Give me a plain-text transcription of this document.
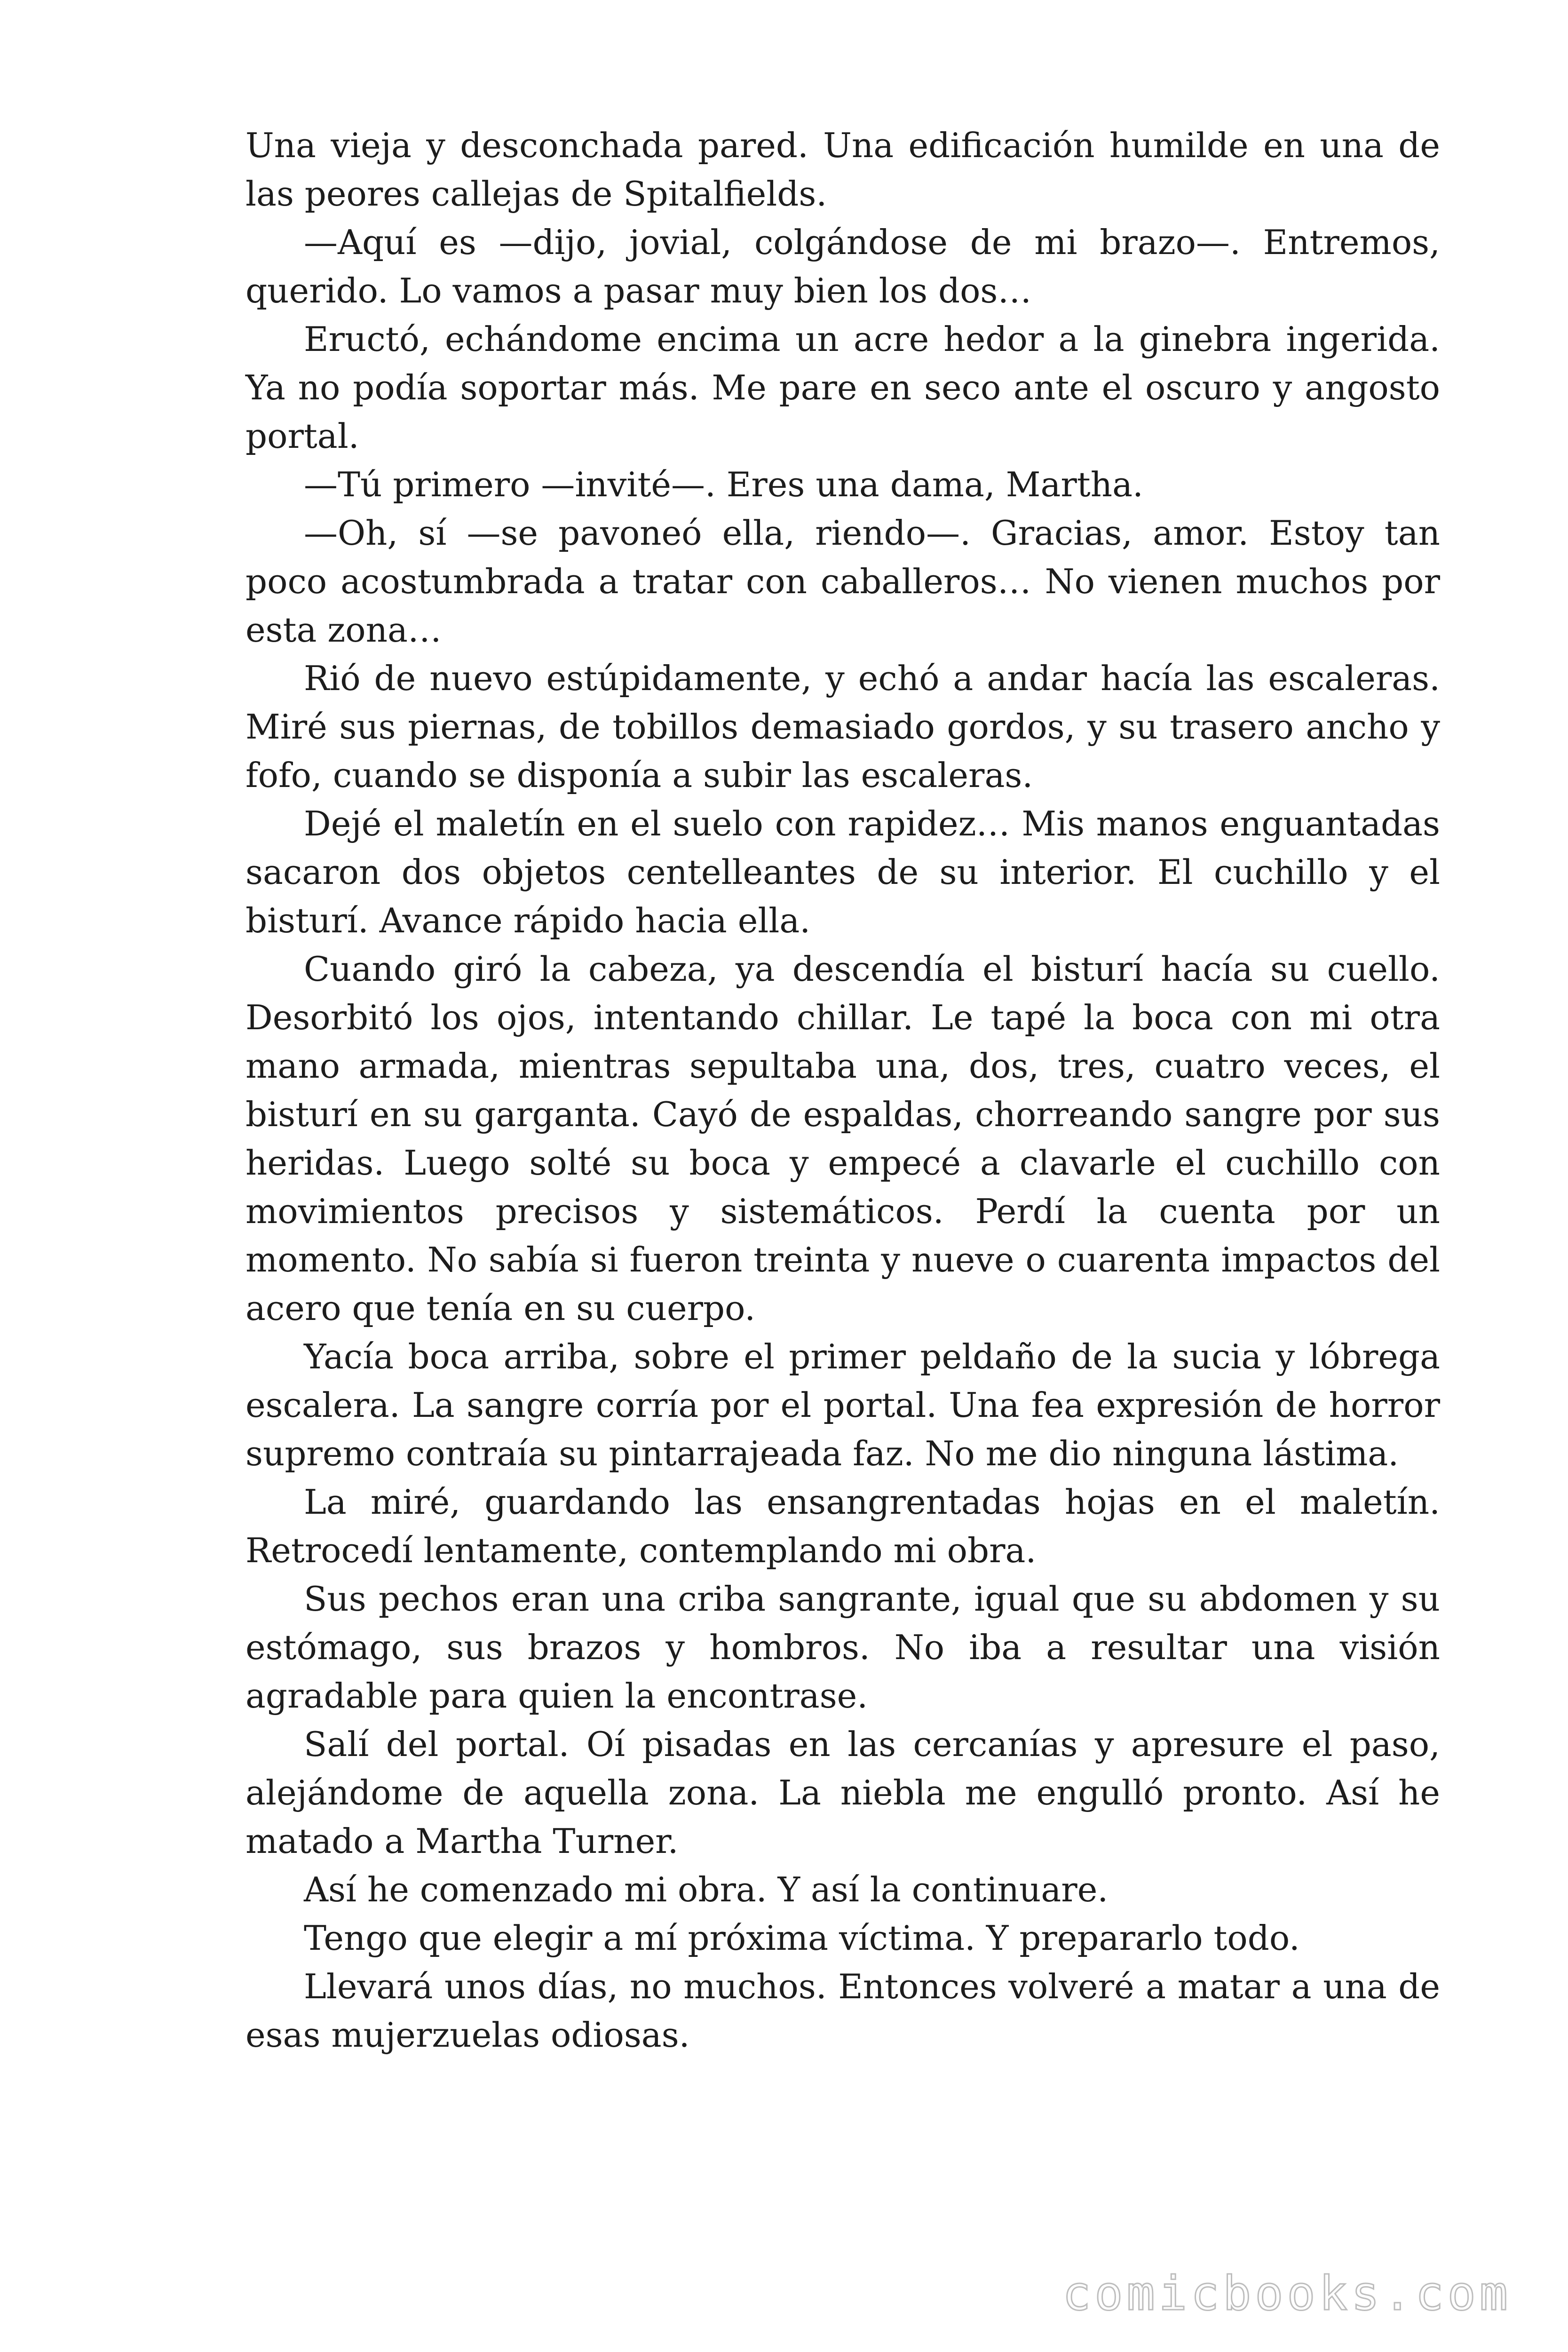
Una vieja y desconchada pared. Una edificación humilde en una de las peores callejas de Spitalfields.

—Aquí es —dijo, jovial, colgándose de mi brazo—. Entremos, querido. Lo vamos a pasar muy bien los dos…

Eructó, echándome encima un acre hedor a la ginebra ingerida. Ya no podía soportar más. Me pare en seco ante el oscuro y angosto portal.

—Tú primero —invité—. Eres una dama, Martha.

—Oh, sí —se pavoneó ella, riendo—. Gracias, amor. Estoy tan poco acostumbrada a tratar con caballeros… No vienen muchos por esta zona…

Rió de nuevo estúpidamente, y echó a andar hacía las escaleras. Miré sus piernas, de tobillos demasiado gordos, y su trasero ancho y fofo, cuando se disponía a subir las escaleras.

Dejé el maletín en el suelo con rapidez… Mis manos enguantadas sacaron dos objetos centelleantes de su interior. El cuchillo y el bisturí. Avance rápido hacia ella.

Cuando giró la cabeza, ya descendía el bisturí hacía su cuello. Desorbitó los ojos, intentando chillar. Le tapé la boca con mi otra mano armada, mientras sepultaba una, dos, tres, cuatro veces, el bisturí en su garganta. Cayó de espaldas, chorreando sangre por sus heridas. Luego solté su boca y empecé a clavarle el cuchillo con movimientos precisos y sistemáticos. Perdí la cuenta por un momento. No sabía si fueron treinta y nueve o cuarenta impactos del acero que tenía en su cuerpo.

Yacía boca arriba, sobre el primer peldaño de la sucia y lóbrega escalera. La sangre corría por el portal. Una fea expresión de horror supremo contraía su pintarrajeada faz. No me dio ninguna lástima.

La miré, guardando las ensangrentadas hojas en el maletín. Retrocedí lentamente, contemplando mi obra.

Sus pechos eran una criba sangrante, igual que su abdomen y su estómago, sus brazos y hombros. No iba a resultar una visión agradable para quien la encontrase.

Salí del portal. Oí pisadas en las cercanías y apresure el paso, alejándome de aquella zona. La niebla me engulló pronto. Así he matado a Martha Turner.

Así he comenzado mi obra. Y así la continuare.

Tengo que elegir a mí próxima víctima. Y prepararlo todo.

Llevará unos días, no muchos. Entonces volveré a matar a una de esas mujerzuelas odiosas.

comicbooks.com
